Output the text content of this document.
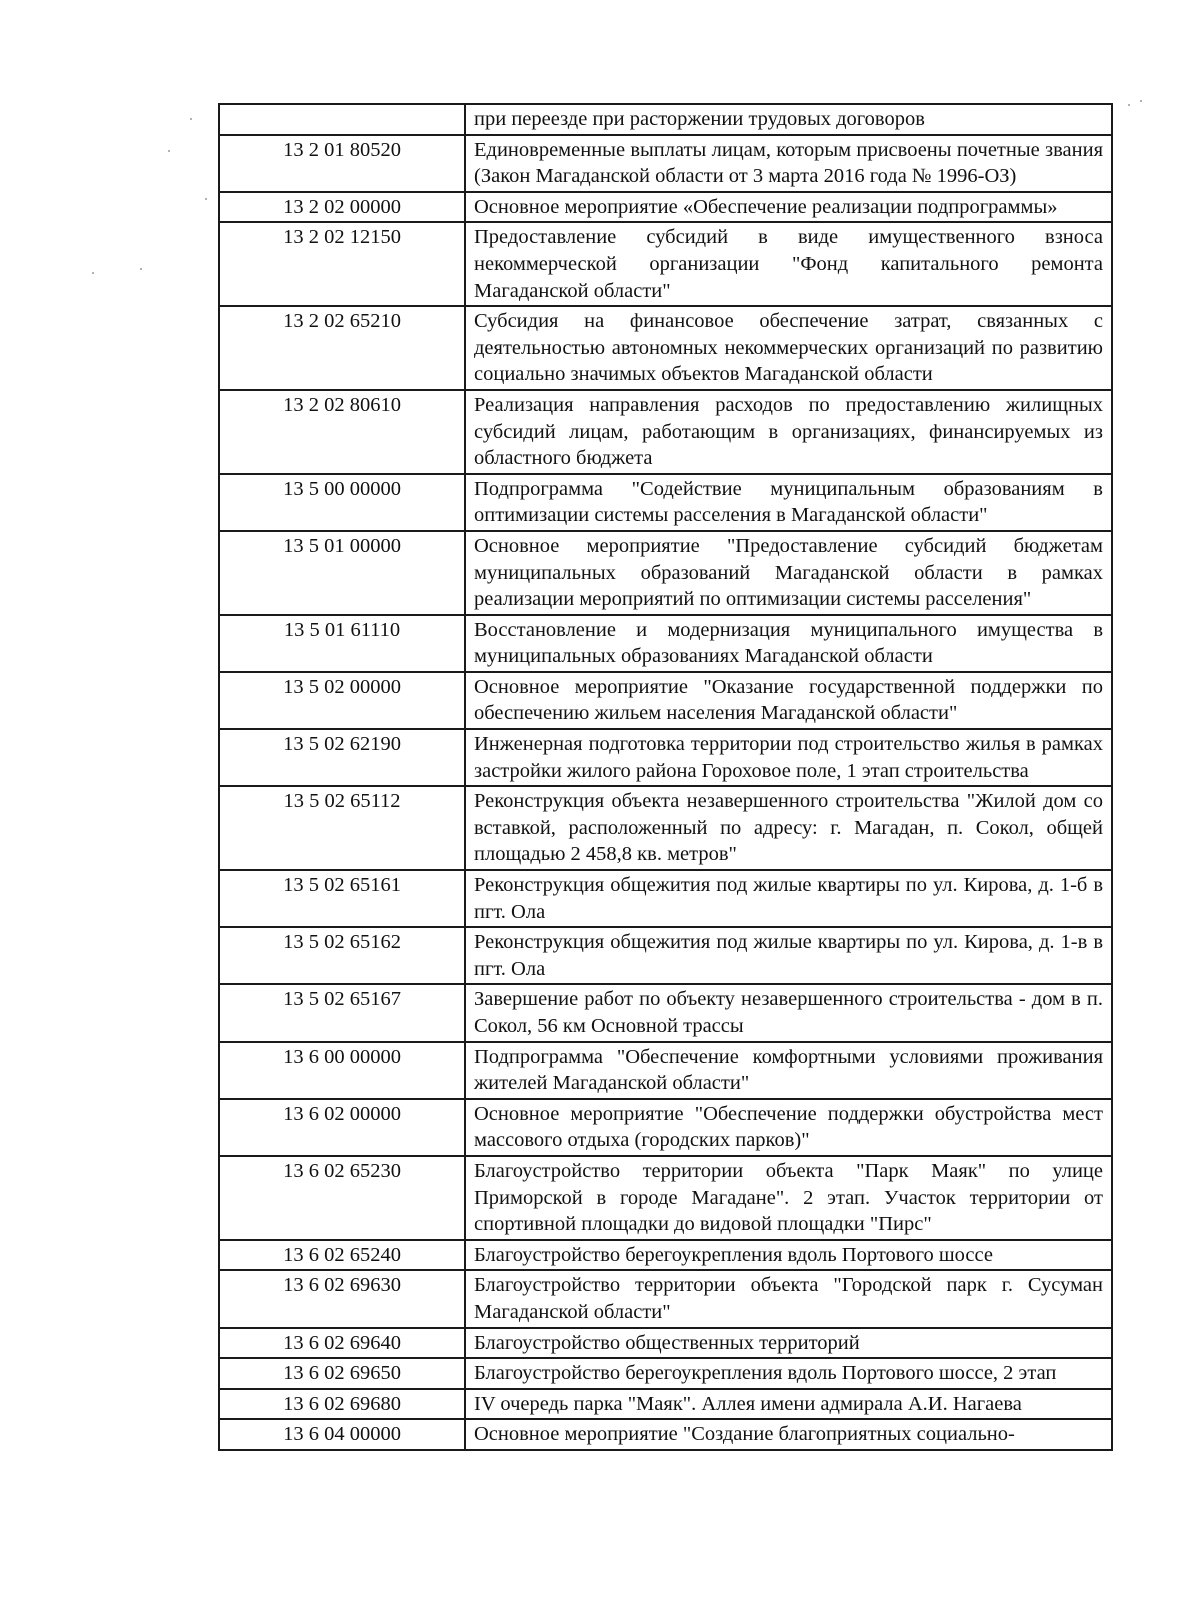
	при переезде при расторжении трудовых договоров
13 2 01 80520	Единовременные выплаты лицам, которым присвоены почетные звания (Закон Магаданской области от 3 марта 2016 года № 1996-ОЗ)
13 2 02 00000	Основное мероприятие «Обеспечение реализации подпрограммы»
13 2 02 12150	Предоставление субсидий в виде имущественного взноса некоммерческой организации "Фонд капитального ремонта Магаданской области"
13 2 02 65210	Субсидия на финансовое обеспечение затрат, связанных с деятельностью автономных некоммерческих организаций по развитию социально значимых объектов Магаданской области
13 2 02 80610	Реализация направления расходов по предоставлению жилищных субсидий лицам, работающим в организациях, финансируемых из областного бюджета
13 5 00 00000	Подпрограмма "Содействие муниципальным образованиям в оптимизации системы расселения в Магаданской области"
13 5 01 00000	Основное мероприятие "Предоставление субсидий бюджетам муниципальных образований Магаданской области в рамках реализации мероприятий по оптимизации системы расселения"
13 5 01 61110	Восстановление и модернизация муниципального имущества в муниципальных образованиях Магаданской области
13 5 02 00000	Основное мероприятие "Оказание государственной поддержки по обеспечению жильем населения Магаданской области"
13 5 02 62190	Инженерная подготовка территории под строительство жилья в рамках застройки жилого района Гороховое поле, 1 этап строительства
13 5 02 65112	Реконструкция объекта незавершенного строительства "Жилой дом со вставкой, расположенный по адресу: г. Магадан, п. Сокол, общей площадью 2 458,8 кв. метров"
13 5 02 65161	Реконструкция общежития под жилые квартиры по ул. Кирова, д. 1-б в пгт. Ола
13 5 02 65162	Реконструкция общежития под жилые квартиры по ул. Кирова, д. 1-в в пгт. Ола
13 5 02 65167	Завершение работ по объекту незавершенного строительства - дом в п. Сокол, 56 км Основной трассы
13 6 00 00000	Подпрограмма "Обеспечение комфортными условиями проживания жителей Магаданской области"
13 6 02 00000	Основное мероприятие "Обеспечение поддержки обустройства мест массового отдыха (городских парков)"
13 6 02 65230	Благоустройство территории объекта "Парк Маяк" по улице Приморской в городе Магадане". 2 этап. Участок территории от спортивной площадки до видовой площадки "Пирс"
13 6 02 65240	Благоустройство берегоукрепления вдоль Портового шоссе
13 6 02 69630	Благоустройство территории объекта "Городской парк г. Сусуман Магаданской области"
13 6 02 69640	Благоустройство общественных территорий
13 6 02 69650	Благоустройство берегоукрепления вдоль Портового шоссе, 2 этап
13 6 02 69680	IV очередь парка "Маяк". Аллея имени адмирала А.И. Нагаева
13 6 04 00000	Основное мероприятие "Создание благоприятных социально-
